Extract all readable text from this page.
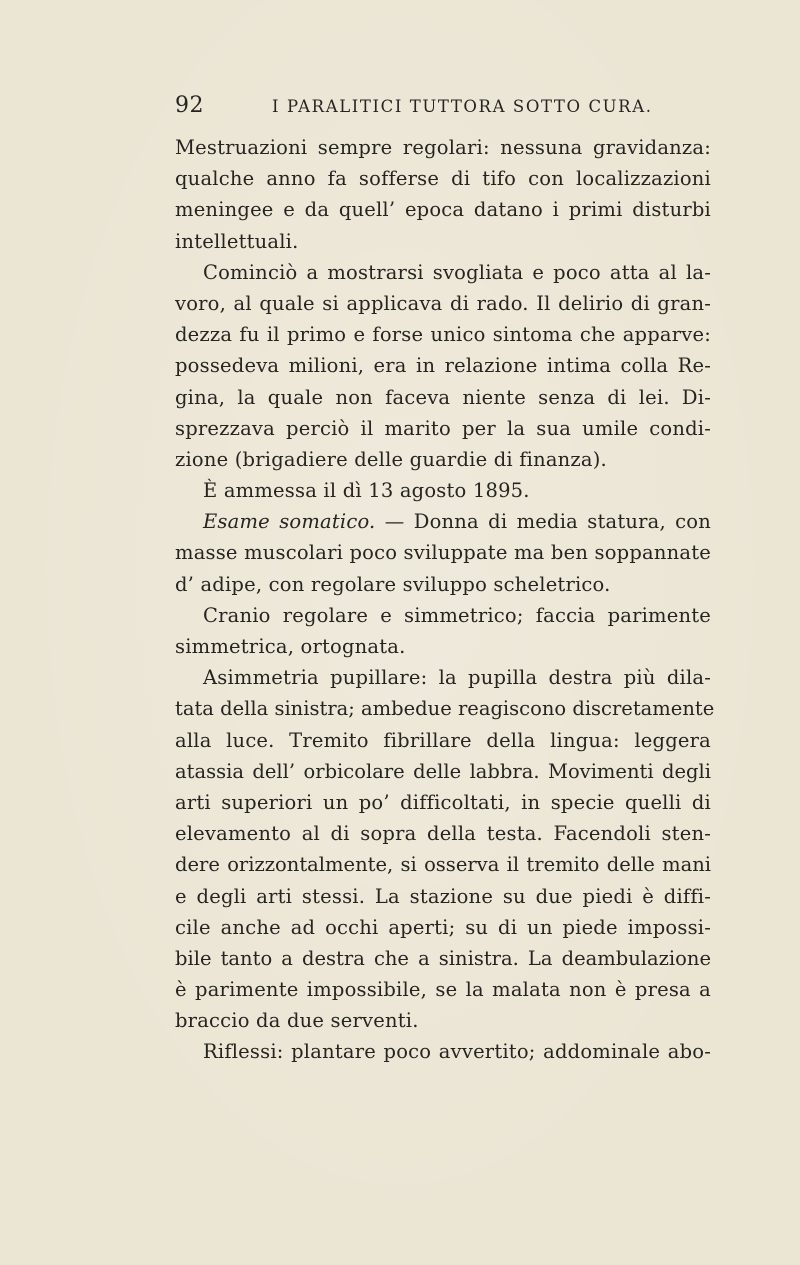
92	I PARALITICI TUTTORA SOTTO CURA.
Mestruazioni sempre regolari: nessuna gravidanza:
qualche anno fa sofferse di tifo con localizzazioni
meningee e da quell’ epoca datano i primi disturbi
intellettuali.
Cominciò a mostrarsi svogliata e poco atta al la-
voro, al quale si applicava di rado. Il delirio di gran-
dezza fu il primo e forse unico sintoma che apparve:
possedeva milioni, era in relazione intima colla Re-
gina, la quale non faceva niente senza di lei. Di-
sprezzava perciò il marito per la sua umile condi-
zione (brigadiere delle guardie di finanza).
È ammessa il dì 13 agosto 1895.
Esame somatico. — Donna di media statura, con
masse muscolari poco sviluppate ma ben soppannate
d’ adipe, con regolare sviluppo scheletrico.
Cranio regolare e simmetrico; faccia parimente
simmetrica, ortognata.
Asimmetria pupillare: la pupilla destra più dila-
tata della sinistra; ambedue reagiscono discretamente
alla luce. Tremito fibrillare della lingua: leggera
atassia dell’ orbicolare delle labbra. Movimenti degli
arti superiori un po’ difficoltati, in specie quelli di
elevamento al di sopra della testa. Facendoli sten-
dere orizzontalmente, si osserva il tremito delle mani
e degli arti stessi. La stazione su due piedi è diffi-
cile anche ad occhi aperti; su di un piede impossi-
bile tanto a destra che a sinistra. La deambulazione
è parimente impossibile, se la malata non è presa a
braccio da due serventi.
Riflessi: plantare poco avvertito; addominale abo-
